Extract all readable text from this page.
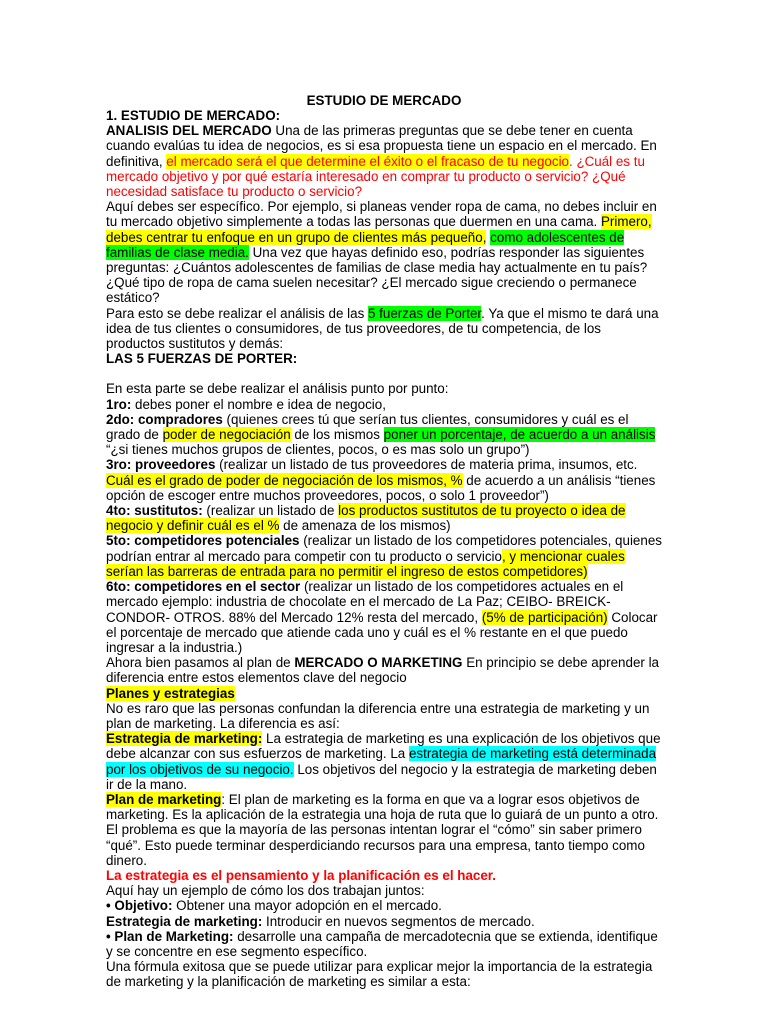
ESTUDIO DE MERCADO

1. ESTUDIO DE MERCADO:

ANALISIS DEL MERCADO Una de las primeras preguntas que se debe tener en cuenta cuando evalúas tu idea de negocios, es si esa propuesta tiene un espacio en el mercado. En definitiva, el mercado será el que determine el éxito o el fracaso de tu negocio. ¿Cuál es tu mercado objetivo y por qué estaría interesado en comprar tu producto o servicio? ¿Qué necesidad satisface tu producto o servicio?

Aquí debes ser específico. Por ejemplo, si planeas vender ropa de cama, no debes incluir en tu mercado objetivo simplemente a todas las personas que duermen en una cama. Primero, debes centrar tu enfoque en un grupo de clientes más pequeño, como adolescentes de familias de clase media. Una vez que hayas definido eso, podrías responder las siguientes preguntas: ¿Cuántos adolescentes de familias de clase media hay actualmente en tu país? ¿Qué tipo de ropa de cama suelen necesitar? ¿El mercado sigue creciendo o permanece estático?

Para esto se debe realizar el análisis de las 5 fuerzas de Porter. Ya que el mismo te dará una idea de tus clientes o consumidores, de tus proveedores, de tu competencia, de los productos sustitutos y demás:

LAS 5 FUERZAS DE PORTER:

En esta parte se debe realizar el análisis punto por punto:

1ro: debes poner el nombre e idea de negocio,

2do: compradores (quienes crees tú que serían tus clientes, consumidores y cuál es el grado de poder de negociación de los mismos poner un porcentaje, de acuerdo a un análisis “¿si tienes muchos grupos de clientes, pocos, o es mas solo un grupo”)

3ro: proveedores (realizar un listado de tus proveedores de materia prima, insumos, etc. Cuál es el grado de poder de negociación de los mismos, % de acuerdo a un análisis “tienes opción de escoger entre muchos proveedores, pocos, o solo 1 proveedor”)

4to: sustitutos: (realizar un listado de los productos sustitutos de tu proyecto o idea de negocio y definir cuál es el % de amenaza de los mismos)

5to: competidores potenciales (realizar un listado de los competidores potenciales, quienes podrían entrar al mercado para competir con tu producto o servicio, y mencionar cuales serían las barreras de entrada para no permitir el ingreso de estos competidores)

6to: competidores en el sector (realizar un listado de los competidores actuales en el mercado ejemplo: industria de chocolate en el mercado de La Paz; CEIBO- BREICK- CONDOR- OTROS. 88% del Mercado 12% resta del mercado, (5% de participación) Colocar el porcentaje de mercado que atiende cada uno y cuál es el % restante en el que puedo ingresar a la industria.)

Ahora bien pasamos al plan de MERCADO O MARKETING En principio se debe aprender la diferencia entre estos elementos clave del negocio

Planes y estrategias

No es raro que las personas confundan la diferencia entre una estrategia de marketing y un plan de marketing. La diferencia es así:

Estrategia de marketing: La estrategia de marketing es una explicación de los objetivos que debe alcanzar con sus esfuerzos de marketing. La estrategia de marketing está determinada por los objetivos de su negocio. Los objetivos del negocio y la estrategia de marketing deben ir de la mano.

Plan de marketing: El plan de marketing es la forma en que va a lograr esos objetivos de marketing. Es la aplicación de la estrategia una hoja de ruta que lo guiará de un punto a otro. El problema es que la mayoría de las personas intentan lograr el “cómo” sin saber primero “qué”. Esto puede terminar desperdiciando recursos para una empresa, tanto tiempo como dinero.

La estrategia es el pensamiento y la planificación es el hacer.

Aquí hay un ejemplo de cómo los dos trabajan juntos:

• Objetivo: Obtener una mayor adopción en el mercado.

Estrategia de marketing: Introducir en nuevos segmentos de mercado.

• Plan de Marketing: desarrolle una campaña de mercadotecnia que se extienda, identifique y se concentre en ese segmento específico.

Una fórmula exitosa que se puede utilizar para explicar mejor la importancia de la estrategia de marketing y la planificación de marketing es similar a esta:
